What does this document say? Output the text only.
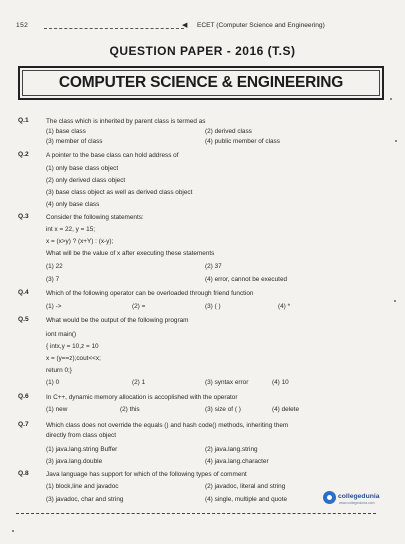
152	◀ ECET (Computer Science and Engineering)
QUESTION PAPER - 2016 (T.S)
COMPUTER SCIENCE & ENGINEERING
Q.1	The class which is inherited by parent class is termed as
(1) base class	(2) derived class
(3) member of class	(4) public member of class
Q.2	A pointer to the base class can hold address of
(1) only base class object
(2) only derived class object
(3) base class object as well as derived class object
(4) only base class
Q.3	Consider the following statements:
int x = 22, y = 15;
x = (x>y) ? (x+Y) : (x-y);
What will be the value of x after executing these statements
(1) 22	(2) 37
(3) 7	(4) error, cannot be executed
Q.4	Which of the following operator can be overloaded through friend function
(1) ->	(2) =	(3) ( )	(4) *
Q.5	What would be the output of the following program
iont main()
{ intx,y = 10,z = 10
x = (y==z);cout<<x;
return 0;}
(1) 0	(2) 1	(3) syntax error	(4) 10
Q.6	In C++, dynamic memory allocation is accoplished with the operator
(1) new	(2) this	(3) size of ( )	(4) delete
Q.7	Which class does not override the equals () and hash code() methods, inheriting them
directly from class object
(1) java.lang.string Buffer	(2) java.lang.string
(3) java.lang.double	(4) java.lang.character
Q.8	Java language has support for which of the following types of comment
(1) block,line and javadoc	(2) javadoc, literal and string
(3) javadoc, char and string	(4) single, multiple and quote	collegedunia
www.collegedunia.com
